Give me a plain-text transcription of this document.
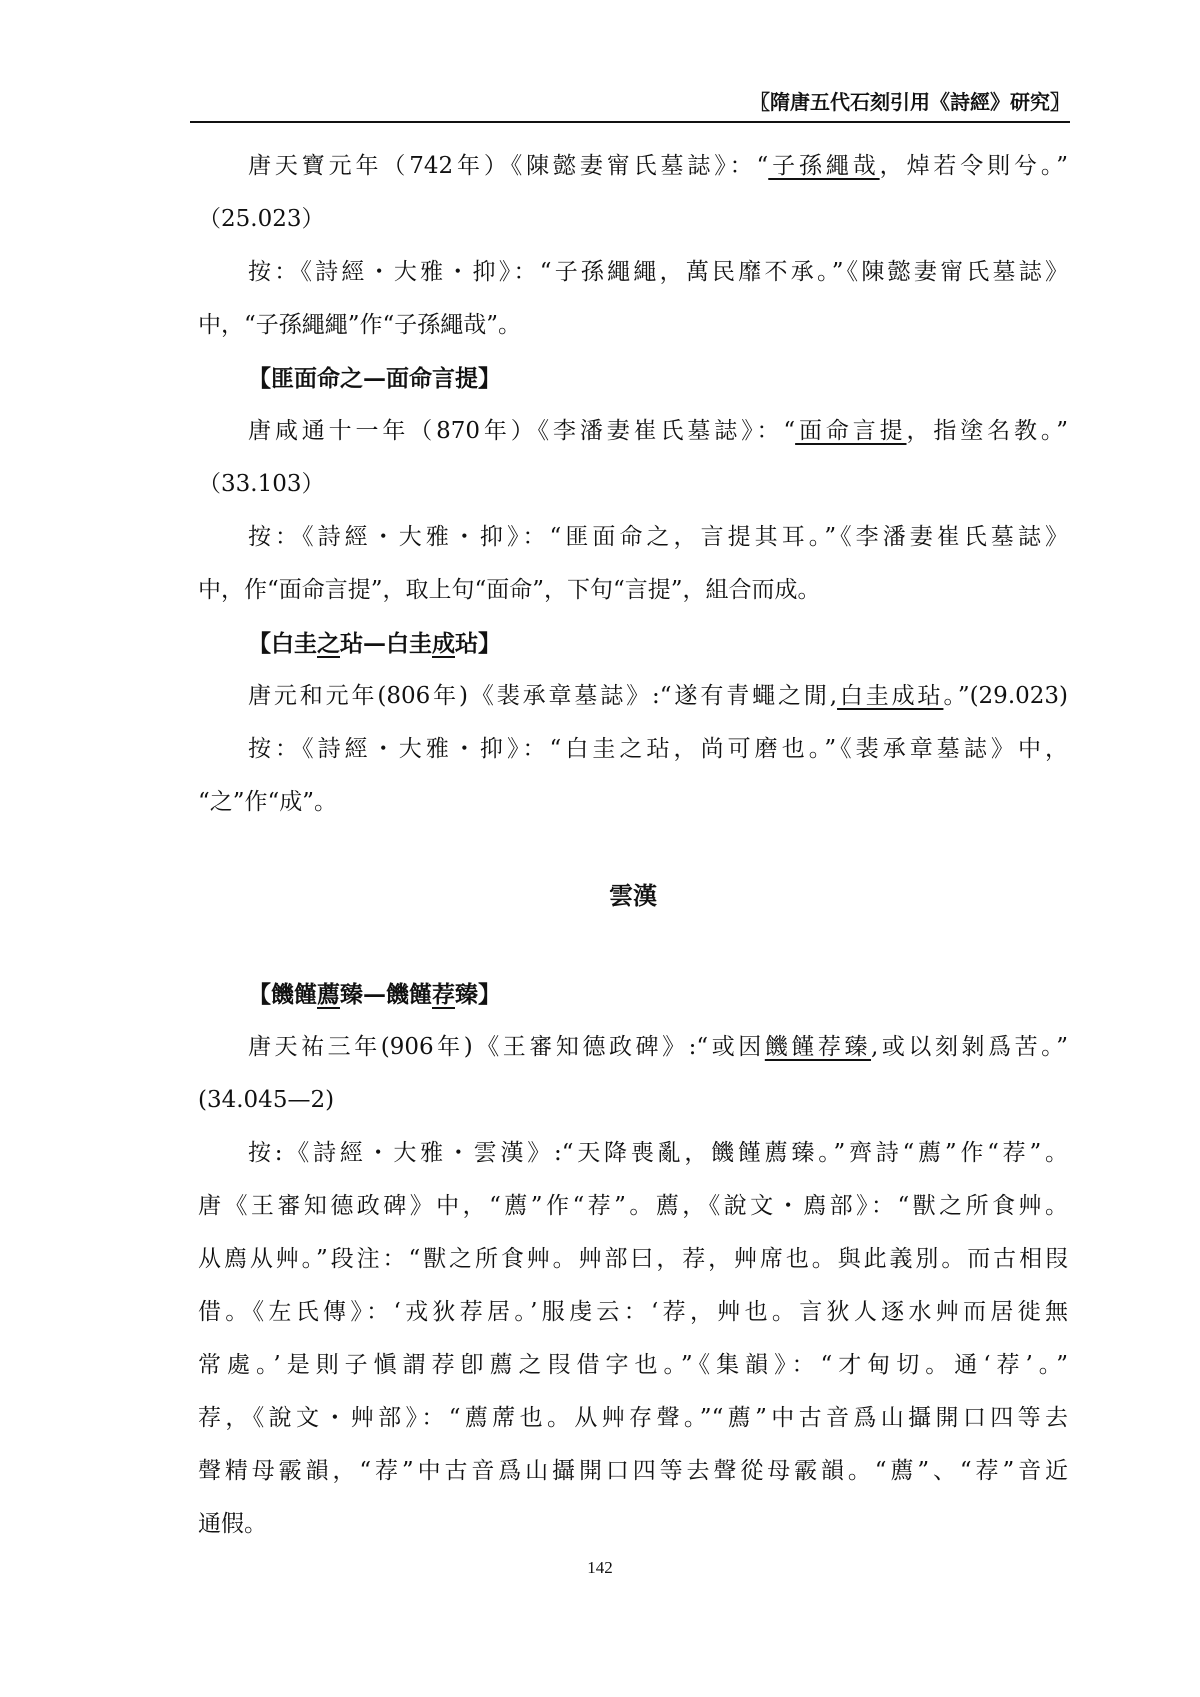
〖隋唐五代石刻引用《詩經》研究〗
唐天寶元年（742年）《陳懿妻甯氏墓誌》：“子孫繩哉，焯若令則兮。”
（25.023）
按：《詩經・大雅・抑》：“子孫繩繩，萬民靡不承。”《陳懿妻甯氏墓誌》
中，“子孫繩繩”作“子孫繩哉”。
【匪面命之—面命言提】
唐咸通十一年（870年）《李潘妻崔氏墓誌》：“面命言提，指塗名教。”
（33.103）
按：《詩經・大雅・抑》：“匪面命之，言提其耳。”《李潘妻崔氏墓誌》
中，作“面命言提”，取上句“面命”，下句“言提”，組合而成。
【白圭之玷—白圭成玷】
唐元和元年(806年)《裴承章墓誌》:“遂有青蠅之閒,白圭成玷。”(29.023)
按：《詩經・大雅・抑》：“白圭之玷，尚可磨也。”《裴承章墓誌》中，
“之”作“成”。
雲漢
【饑饉薦臻—饑饉荐臻】
唐天祐三年(906年)《王審知德政碑》:“或因饑饉荐臻,或以刻剝爲苦。”
(34.045—2)
按:《詩經・大雅・雲漢》:“天降喪亂，饑饉薦臻。”齊詩“薦”作“荐”。
唐《王審知德政碑》中，“薦”作“荐”。薦，《說文・廌部》：“獸之所食艸。
从廌从艸。”段注：“獸之所食艸。艸部曰，荐，艸席也。與此義別。而古相叚
借。《左氏傳》：‘戎狄荐居。’服虔云：‘荐，艸也。言狄人逐水艸而居徙無
常處。’是則子愼謂荐卽薦之叚借字也。”《集韻》：“才甸切。通‘荐’。”
荐，《說文・艸部》：“薦蓆也。从艸存聲。”“薦”中古音爲山攝開口四等去
聲精母霰韻，“荐”中古音爲山攝開口四等去聲從母霰韻。“薦”、“荐”音近
通假。
142
